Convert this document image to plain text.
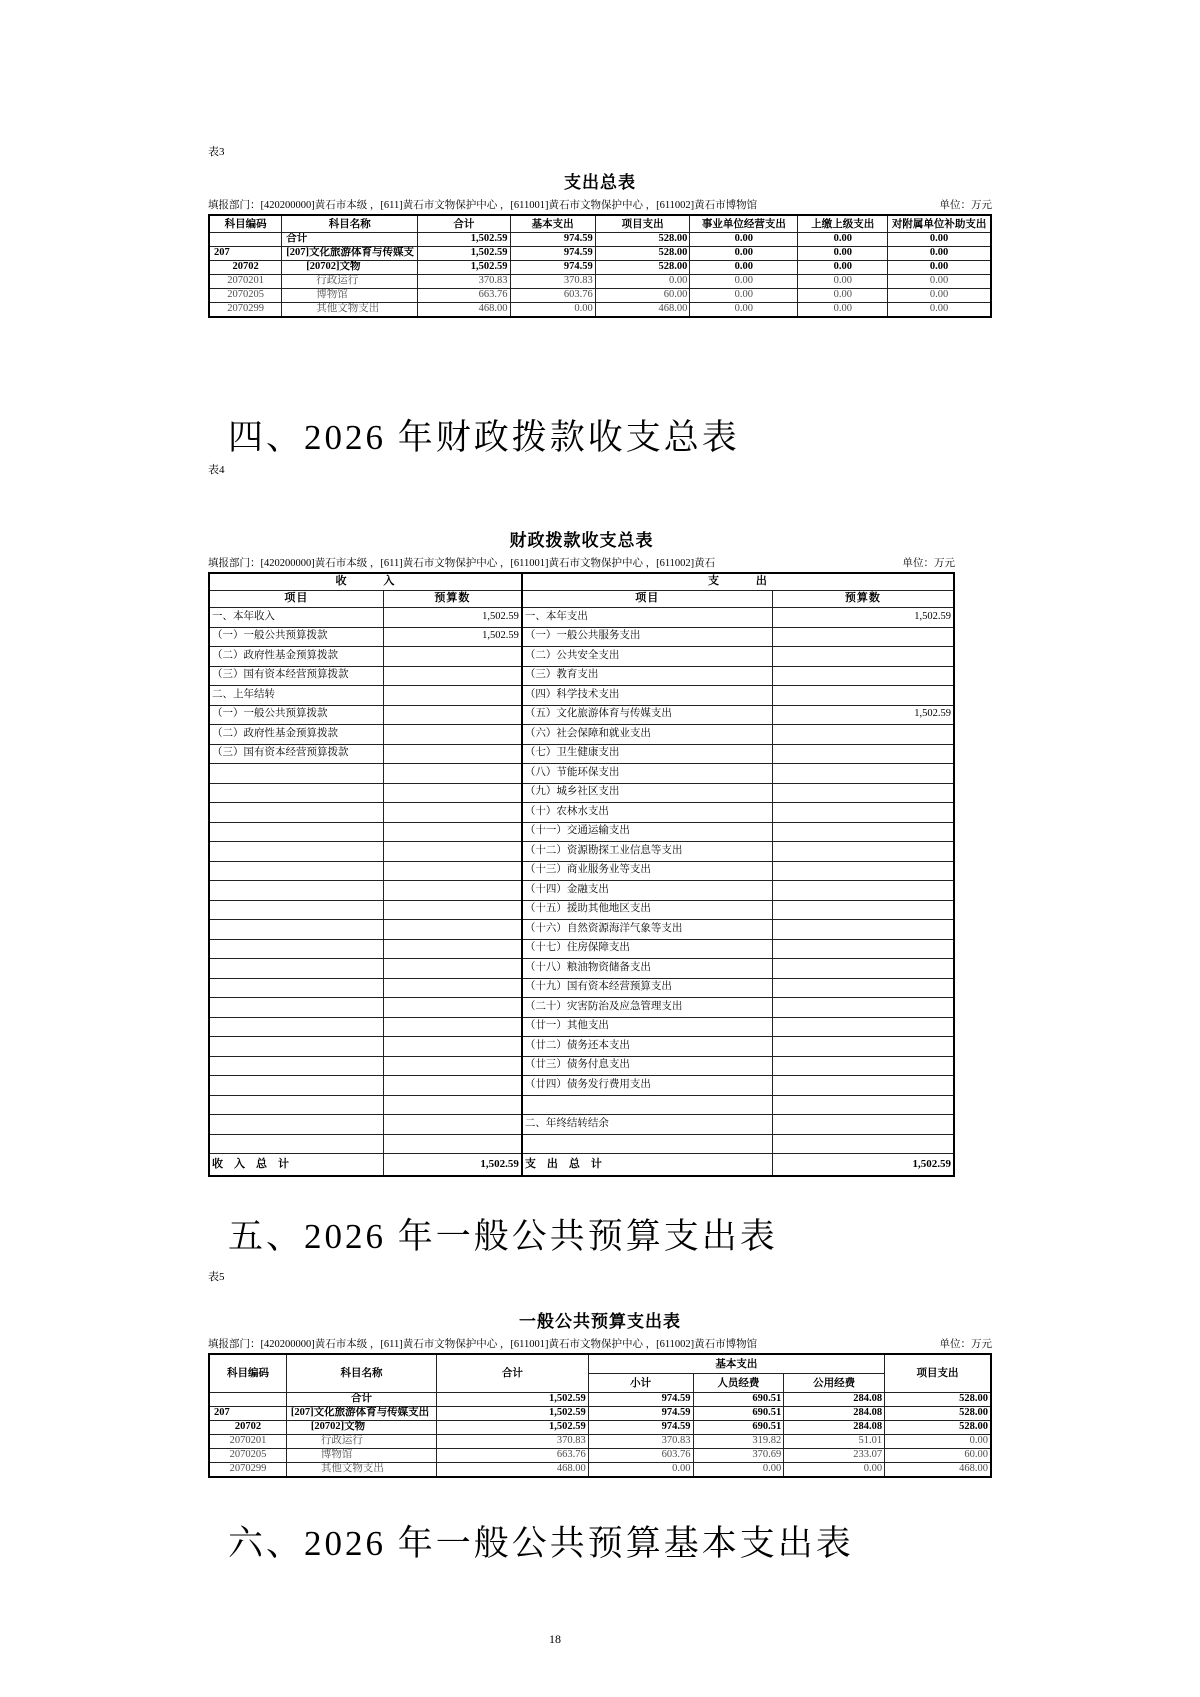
表3
支出总表
填报部门：[420200000]黄石市本级 ，[611]黄石市文物保护中心 ，[611001]黄石市文物保护中心 ，[611002]黄石市博物馆	单位：万元
科目编码	科目名称	合计	基本支出	项目支出	事业单位经营支出	上缴上级支出	对附属单位补助支出
	合计	1,502.59	974.59	528.00	0.00	0.00	0.00
207	[207]文化旅游体育与传媒支	1,502.59	974.59	528.00	0.00	0.00	0.00
20702	[20702]文物	1,502.59	974.59	528.00	0.00	0.00	0.00
2070201	行政运行	370.83	370.83	0.00	0.00	0.00	0.00
2070205	博物馆	663.76	603.76	60.00	0.00	0.00	0.00
2070299	其他文物支出	468.00	0.00	468.00	0.00	0.00	0.00
四、2026 年财政拨款收支总表
表4
财政拨款收支总表
填报部门：[420200000]黄石市本级 ，[611]黄石市文物保护中心 ，[611001]黄石市文物保护中心 ，[611002]黄石	单位：万元
收　　　入		支　　　出	
项目	预算数	项目	预算数
一、本年收入	1,502.59	一、本年支出	1,502.59
（一）一般公共预算拨款	1,502.59	（一）一般公共服务支出	
（二）政府性基金预算拨款		（二）公共安全支出	
（三）国有资本经营预算拨款		（三）教育支出	
二、上年结转		（四）科学技术支出	
（一）一般公共预算拨款		（五）文化旅游体育与传媒支出	1,502.59
（二）政府性基金预算拨款		（六）社会保障和就业支出	
（三）国有资本经营预算拨款		（七）卫生健康支出	
		（八）节能环保支出	
		（九）城乡社区支出	
		（十）农林水支出	
		（十一）交通运输支出	
		（十二）资源勘探工业信息等支出	
		（十三）商业服务业等支出	
		（十四）金融支出	
		（十五）援助其他地区支出	
		（十六）自然资源海洋气象等支出	
		（十七）住房保障支出	
		（十八）粮油物资储备支出	
		（十九）国有资本经营预算支出	
		（二十）灾害防治及应急管理支出	
		（廿一）其他支出	
		（廿二）债务还本支出	
		（廿三）债务付息支出	
		（廿四）债务发行费用支出	

		二、年终结转结余	

收　入　总　计	1,502.59	支　出　总　计	1,502.59
五、2026 年一般公共预算支出表
表5
一般公共预算支出表
填报部门：[420200000]黄石市本级 ，[611]黄石市文物保护中心 ，[611001]黄石市文物保护中心 ，[611002]黄石市博物馆	单位：万元
科目编码	科目名称	合计	基本支出			项目支出
			小计	人员经费	公用经费	
	合计	1,502.59	974.59	690.51	284.08	528.00
207	[207]文化旅游体育与传媒支出	1,502.59	974.59	690.51	284.08	528.00
20702	[20702]文物	1,502.59	974.59	690.51	284.08	528.00
2070201	行政运行	370.83	370.83	319.82	51.01	0.00
2070205	博物馆	663.76	603.76	370.69	233.07	60.00
2070299	其他文物支出	468.00	0.00	0.00	0.00	468.00
六、2026 年一般公共预算基本支出表
18
